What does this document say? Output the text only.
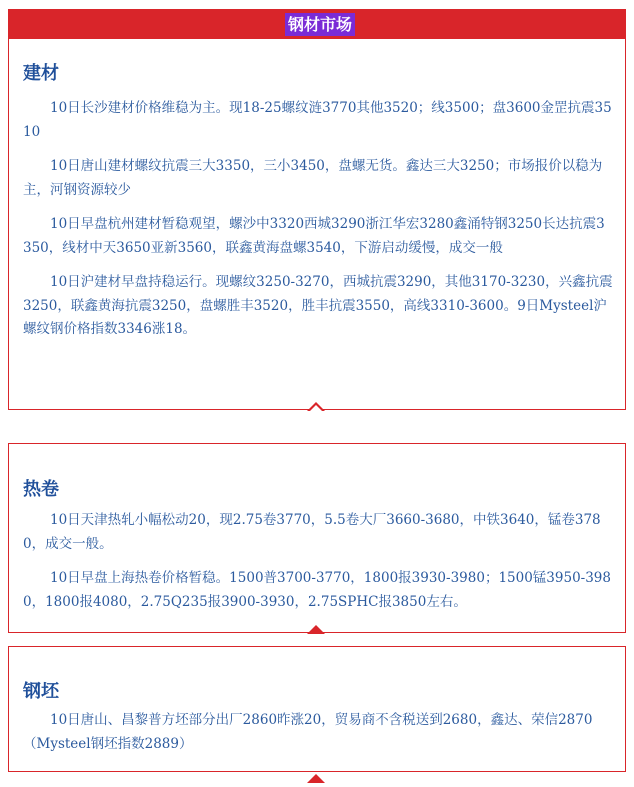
钢材市场
建材

10日长沙建材价格维稳为主。现18-25螺纹涟3770其他3520；线3500；盘3600金罡抗震3510

10日唐山建材螺纹抗震三大3350，三小3450，盘螺无货。鑫达三大3250；市场报价以稳为主，河钢资源较少

10日早盘杭州建材暂稳观望，螺沙中3320西城3290浙江华宏3280鑫涌特钢3250长达抗震3350，线材中天3650亚新3560，联鑫黄海盘螺3540，下游启动缓慢，成交一般

10日沪建材早盘持稳运行。现螺纹3250-3270，西城抗震3290，其他3170-3230，兴鑫抗震3250，联鑫黄海抗震3250，盘螺胜丰3520，胜丰抗震3550，高线3310-3600。9日Mysteel沪螺纹钢价格指数3346涨18。

热卷

10日天津热轧小幅松动20，现2.75卷3770，5.5卷大厂3660-3680，中铁3640，锰卷3780，成交一般。

10日早盘上海热卷价格暂稳。1500普3700-3770，1800报3930-3980；1500锰3950-3980，1800报4080，2.75Q235报3900-3930，2.75SPHC报3850左右。

钢坯

10日唐山、昌黎普方坯部分出厂2860昨涨20，贸易商不含税送到2680，鑫达、荣信2870（Mysteel钢坯指数2889）
